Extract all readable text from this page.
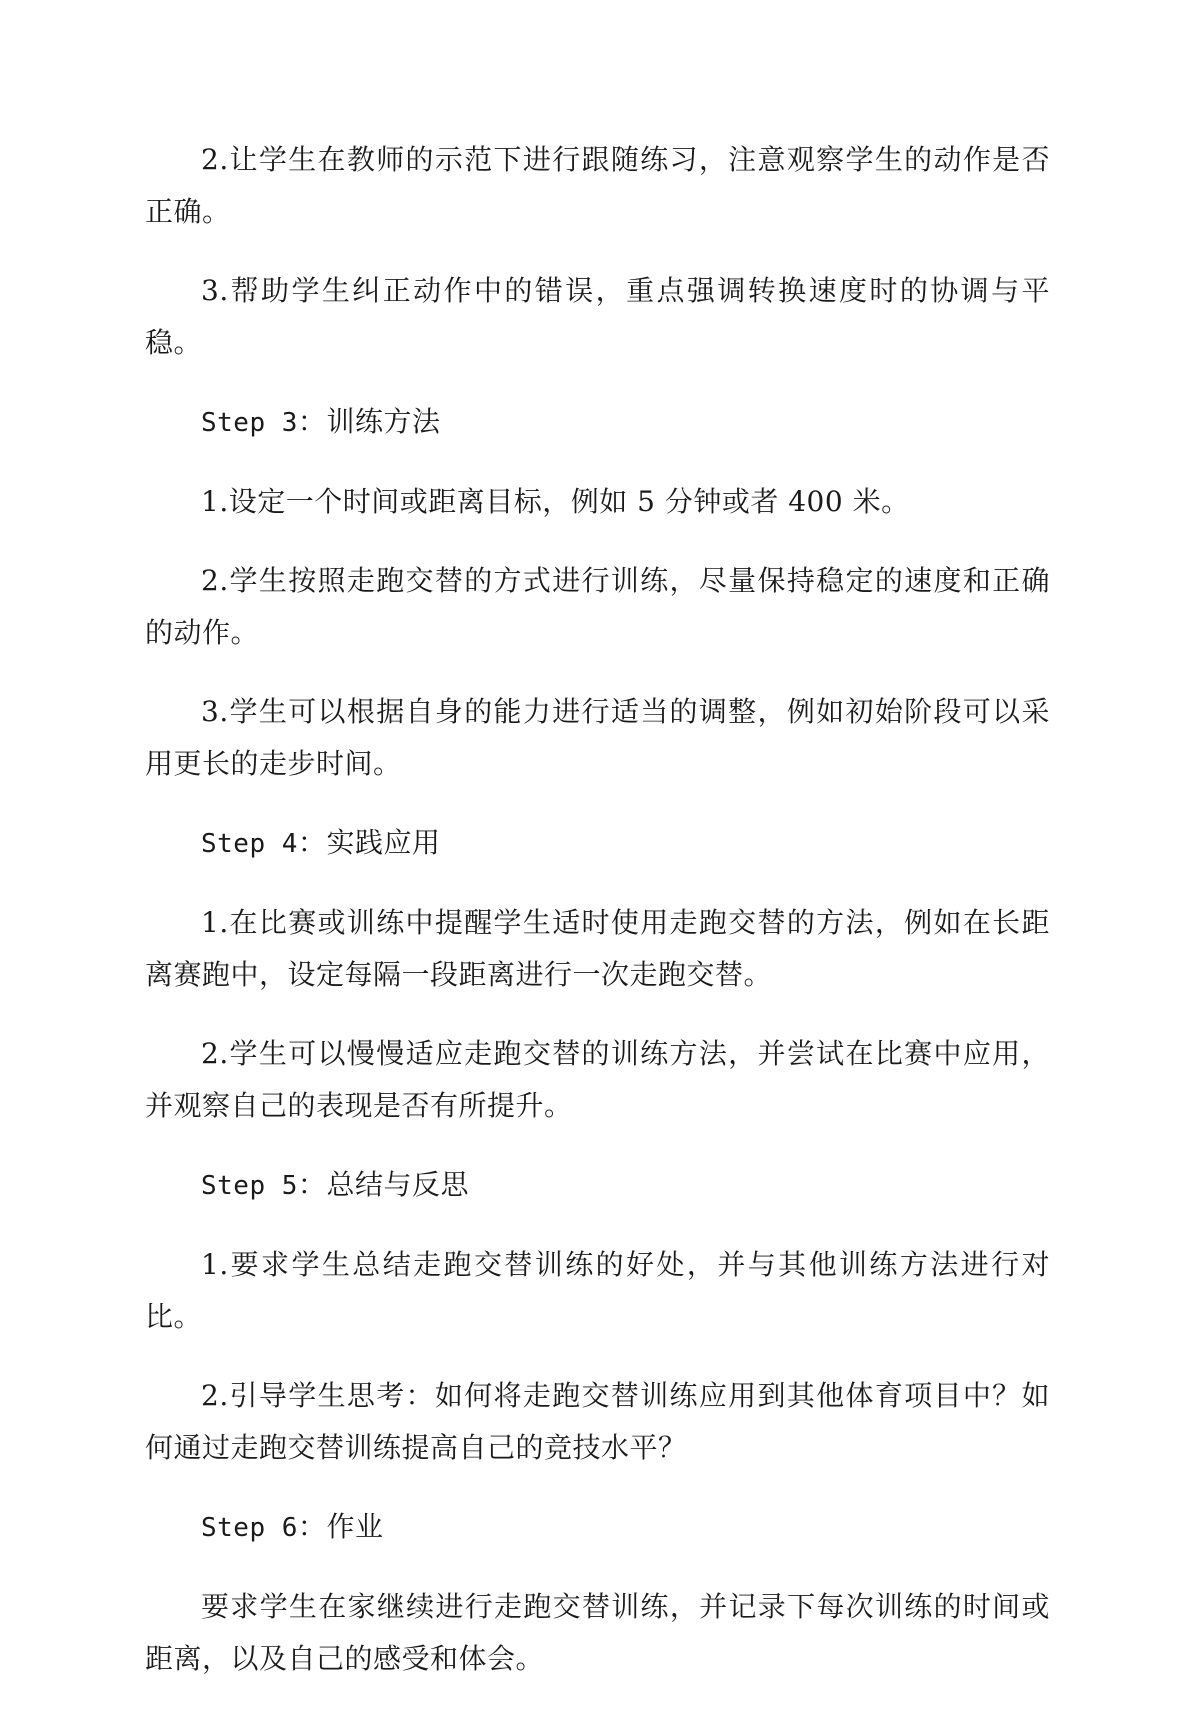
2.让学生在教师的示范下进行跟随练习，注意观察学生的动作是否正确。

3.帮助学生纠正动作中的错误，重点强调转换速度时的协调与平稳。

Step 3：训练方法

1.设定一个时间或距离目标，例如 5 分钟或者 400 米。

2.学生按照走跑交替的方式进行训练，尽量保持稳定的速度和正确的动作。

3.学生可以根据自身的能力进行适当的调整，例如初始阶段可以采用更长的走步时间。

Step 4：实践应用

1.在比赛或训练中提醒学生适时使用走跑交替的方法，例如在长距离赛跑中，设定每隔一段距离进行一次走跑交替。

2.学生可以慢慢适应走跑交替的训练方法，并尝试在比赛中应用，并观察自己的表现是否有所提升。

Step 5：总结与反思

1.要求学生总结走跑交替训练的好处，并与其他训练方法进行对比。

2.引导学生思考：如何将走跑交替训练应用到其他体育项目中？如何通过走跑交替训练提高自己的竞技水平？

Step 6：作业

要求学生在家继续进行走跑交替训练，并记录下每次训练的时间或距离，以及自己的感受和体会。
